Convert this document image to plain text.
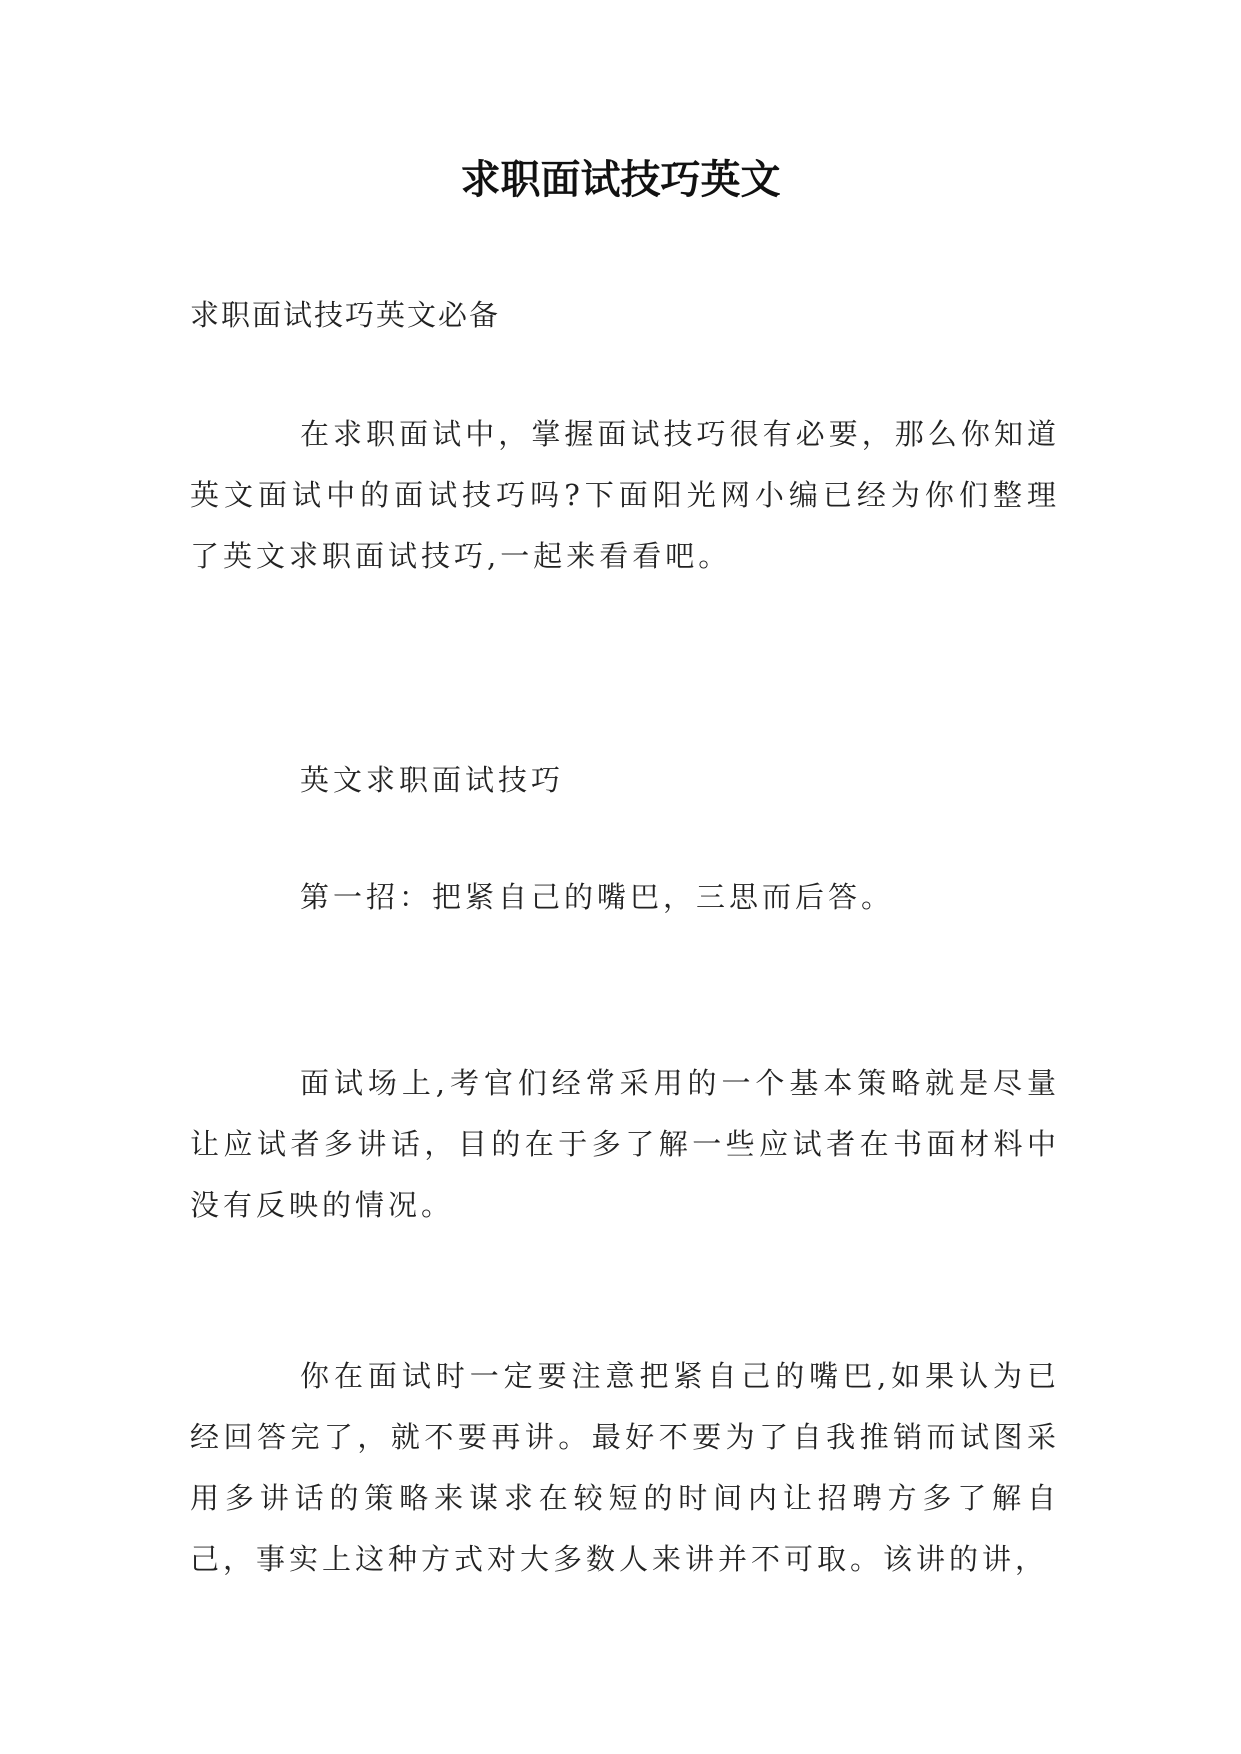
求职面试技巧英文
求职面试技巧英文必备

在求职面试中，掌握面试技巧很有必要，那么你知道英文面试中的面试技巧吗?下面阳光网小编已经为你们整理了英文求职面试技巧,一起来看看吧。

英文求职面试技巧

第一招：把紧自己的嘴巴，三思而后答。

面试场上,考官们经常采用的一个基本策略就是尽量让应试者多讲话，目的在于多了解一些应试者在书面材料中没有反映的情况。

你在面试时一定要注意把紧自己的嘴巴,如果认为已经回答完了，就不要再讲。最好不要为了自我推销而试图采用多讲话的策略来谋求在较短的时间内让招聘方多了解自己，事实上这种方式对大多数人来讲并不可取。该讲的讲，
